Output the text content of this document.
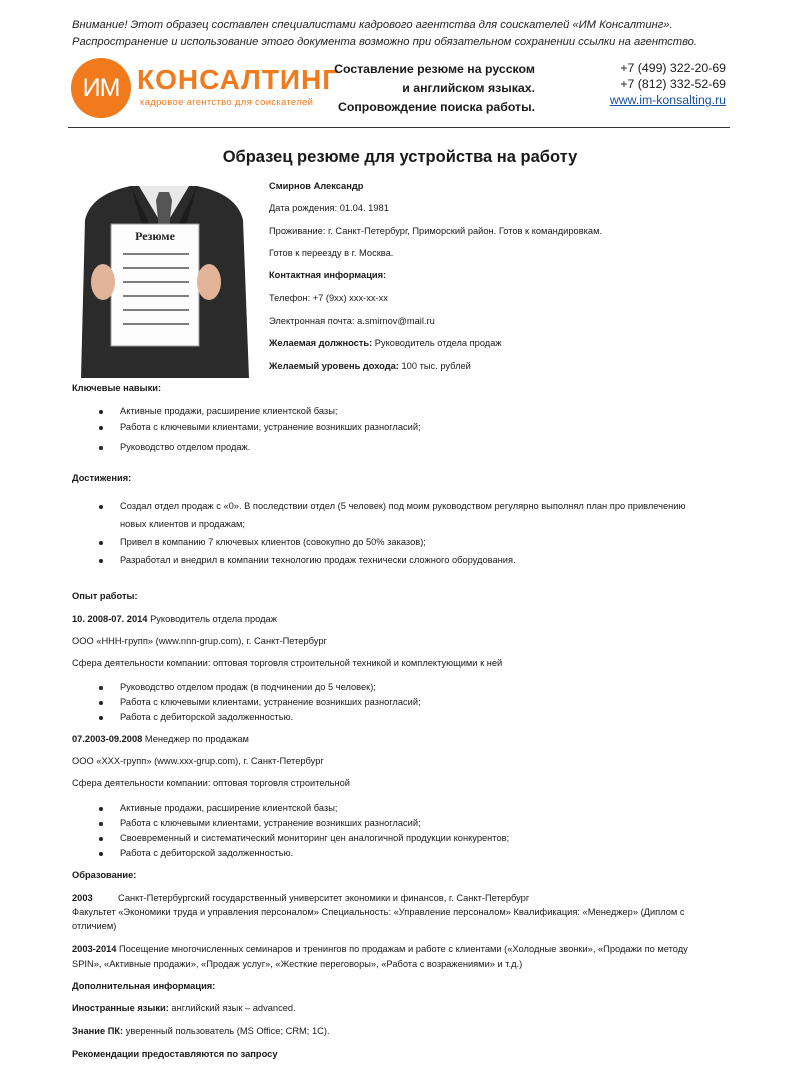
Внимание! Этот образец составлен специалистами кадрового агентства для соискателей «ИМ Консалтинг».
Распространение и использование этого документа возможно при обязательном сохранении ссылки на агентство.
ИМ КОНСАЛТИНГ
кадровое агентство для соискателей
Составление резюме на русском
и английском языках.
Сопровождение поиска работы.
+7 (499) 322-20-69
+7 (812) 332-52-69
www.im-konsalting.ru
Образец резюме для устройства на работу
Резюме
Смирнов Александр
Дата рождения: 01.04. 1981
Проживание: г. Санкт-Петербург, Приморский район. Готов к командировкам.
Готов к переезду в г. Москва.
Контактная информация:
Телефон: +7 (9хх) ххх-хх-хх
Электронная почта: a.smirnov@mail.ru
Желаемая должность: Руководитель отдела продаж
Желаемый уровень дохода: 100 тыс. рублей
Ключевые навыки:
Активные продажи, расширение клиентской базы;
Работа с ключевыми клиентами, устранение возникших разногласий;
Руководство отделом продаж.
Достижения:
Создал отдел продаж с «0». В последствии отдел (5 человек) под моим руководством регулярно выполнял план про привлечению
новых клиентов и продажам;
Привел в компанию 7 ключевых клиентов (совокупно до 50% заказов);
Разработал и внедрил в компании технологию продаж технически сложного оборудования.
Опыт работы:
10. 2008-07. 2014 Руководитель отдела продаж
ООО «ННН-групп» (www.nnn-grup.com), г. Санкт-Петербург
Сфера деятельности компании: оптовая торговля строительной техникой и комплектующими к ней
Руководство отделом продаж (в подчинении до 5 человек);
Работа с ключевыми клиентами, устранение возникших разногласий;
Работа с дебиторской задолженностью.
07.2003-09.2008 Менеджер по продажам
ООО «ХХХ-групп» (www.xxx-grup.com), г. Санкт-Петербург
Сфера деятельности компании: оптовая торговля строительной
Активные продажи, расширение клиентской базы;
Работа с ключевыми клиентами, устранение возникших разногласий;
Своевременный и систематический мониторинг цен аналогичной продукции конкурентов;
Работа с дебиторской задолженностью.
Образование:
2003	Санкт-Петербургский государственный университет экономики и финансов, г. Санкт-Петербург
Факультет «Экономики труда и управления персоналом» Специальность: «Управление персоналом» Квалификация: «Менеджер» (Диплом с
отличием)
2003-2014 Посещение многочисленных семинаров и тренингов по продажам и работе с клиентами («Холодные звонки», «Продажи по методу
SPIN», «Активные продажи», «Продаж услуг», «Жесткие переговоры», «Работа с возражениями» и т.д.)
Дополнительная информация:
Иностранные языки: английский язык – advanced.
Знание ПК: уверенный пользователь (MS Office; CRM; 1С).
Рекомендации предоставляются по запросу
